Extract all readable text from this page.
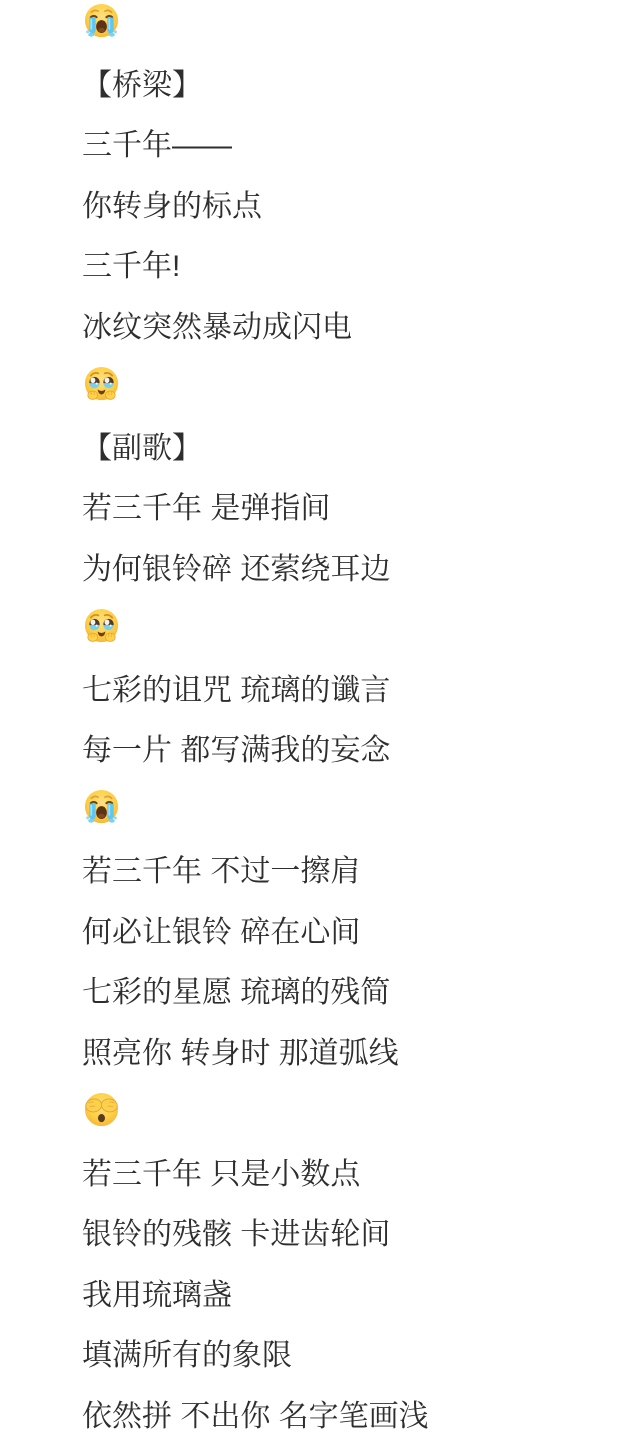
【桥梁】
三千年——
你转身的标点
三千年!
冰纹突然暴动成闪电
【副歌】
若三千年 是弹指间
为何银铃碎 还萦绕耳边
七彩的诅咒 琉璃的谶言
每一片 都写满我的妄念
若三千年 不过一擦肩
何必让银铃 碎在心间
七彩的星愿 琉璃的残简
照亮你 转身时 那道弧线
若三千年 只是小数点
银铃的残骸 卡进齿轮间
我用琉璃盏
填满所有的象限
依然拼 不出你 名字笔画浅
